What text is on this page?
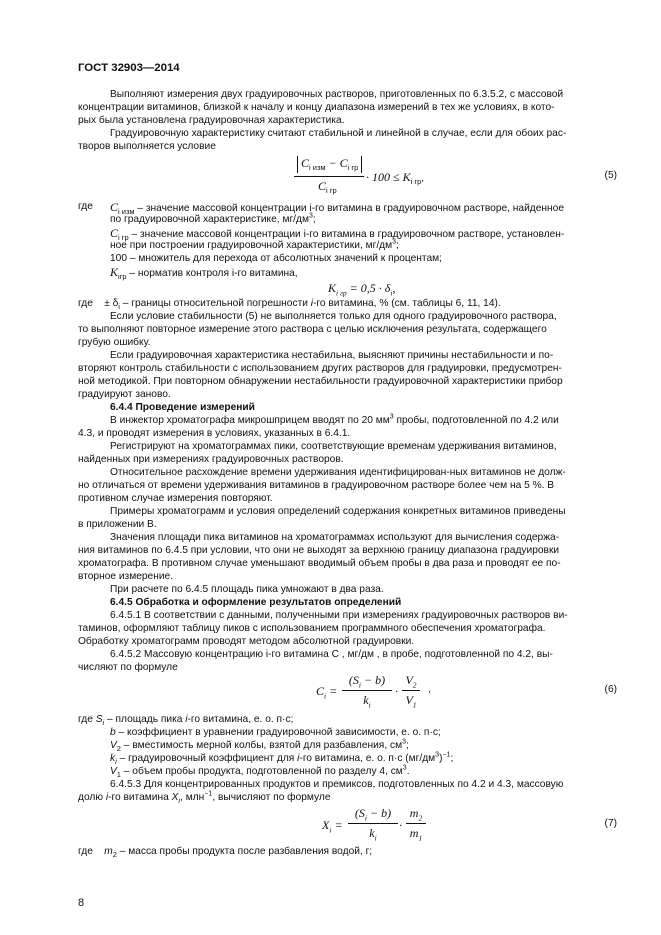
ГОСТ 32903—2014
Выполняют измерения двух градуировочных растворов, приготовленных по 6.3.5.2, с массовой
концентрации витаминов, близкой к началу и концу диапазона измерений в тех же условиях, в кото-
рых была установлена градуировочная характеристика.
Градуировочную характеристику считают стабильной и линейной в случае, если для обоих рас-
творов выполняется условие
$C_{i изм} - C_{i гр}$
$C_{i гр}$
· $100 \le K_{i гр}$,	(5)
где $C_{i изм}$ – значение массовой концентрации i-го витамина в градуировочном растворе, найденное
по градуировочной характеристике, $мг/дм^3$;
$C_{i гр}$ – значение массовой концентрации i-го витамина в градуировочном растворе, установлен-
ное при построении градуировочной характеристики, $мг/дм^3$;
100 – множитель для перехода от абсолютных значений к процентам;
$K_{iгр}$ – норматив контроля i-го витамина,
$K_{i гр} = 0,5 \cdot \delta_i$,
где    ± $\delta_i$ – границы относительной погрешности i-го витамина, % (см. таблицы 6, 11, 14).
Если условие стабильности (5) не выполняется только для одного градуировочного раствора,
то выполняют повторное измерение этого раствора с целью исключения результата, содержащего
грубую ошибку.
Если градуировочная характеристика нестабильна, выясняют причины нестабильности и по-
вторяют контроль стабильности с использованием других растворов для градуировки, предусмотрен-
ной методикой. При повторном обнаружении нестабильности градуировочной характеристики прибор
градуируют заново.
6.4.4 Проведение измерений
В инжектор хроматографа микрошприцем вводят по 20 $мм^3$ пробы, подготовленной по 4.2 или
4.3, и проводят измерения в условиях, указанных в 6.4.1.
Регистрируют на хроматограммах пики, соответствующие временам удерживания витаминов,
найденных при измерениях градуировочных растворов.
Относительное расхождение времени удерживания идентифицирован-ных витаминов не долж-
но отличаться от времени удерживания витаминов в градуировочном растворе более чем на 5 %. В
противном случае измерения повторяют.
Примеры хроматограмм и условия определений содержания конкретных витаминов приведены
в приложении В.
Значения площади пика витаминов на хроматограммах используют для вычисления содержа-
ния витаминов по 6.4.5 при условии, что они не выходят за верхнюю границу диапазона градуировки
хроматографа. В противном случае уменьшают вводимый объем пробы в два раза и проводят ее по-
вторное измерение.
При расчете по 6.4.5 площадь пика умножают в два раза.
6.4.5 Обработка и оформление результатов определений
6.4.5.1 В соответствии с данными, полученными при измерениях градуировочных растворов ви-
таминов, оформляют таблицу пиков с использованием программного обеспечения хроматографа.
Обработку хроматограмм проводят методом абсолютной градуировки.
6.4.5.2 Массовую концентрацию i-го витамина C , мг/дм , в пробе, подготовленной по 4.2, вы-
числяют по формуле
$C_i$ =
$(S_i - b)$
$k_i$
·
$V_2$
$V_1$
,	(6)
где $S_i$ – площадь пика i-го витамина, е. о. п·с;
b – коэффициент в уравнении градуировочной зависимости, е. о. п·с;
$V_2$ – вместимость мерной колбы, взятой для разбавления, $см^3$;
$k_i$ – градуировочный коэффициент для i-го витамина, е. о. п·с $(мг/дм^3)^{-1}$;
$V_1$ – объем пробы продукта, подготовленной по разделу 4, $см^3$.
6.4.5.3 Для концентрированных продуктов и премиксов, подготовленных по 4.2 и 4.3, массовую
долю i-го витамина $X_i$, млн$^{-1}$, вычисляют по формуле
$X_i$ =
$(S_i - b)$
$k_i$
·
$m_2$
$m_1$
(7)
где    $m_2$ – масса пробы продукта после разбавления водой, г;
8
